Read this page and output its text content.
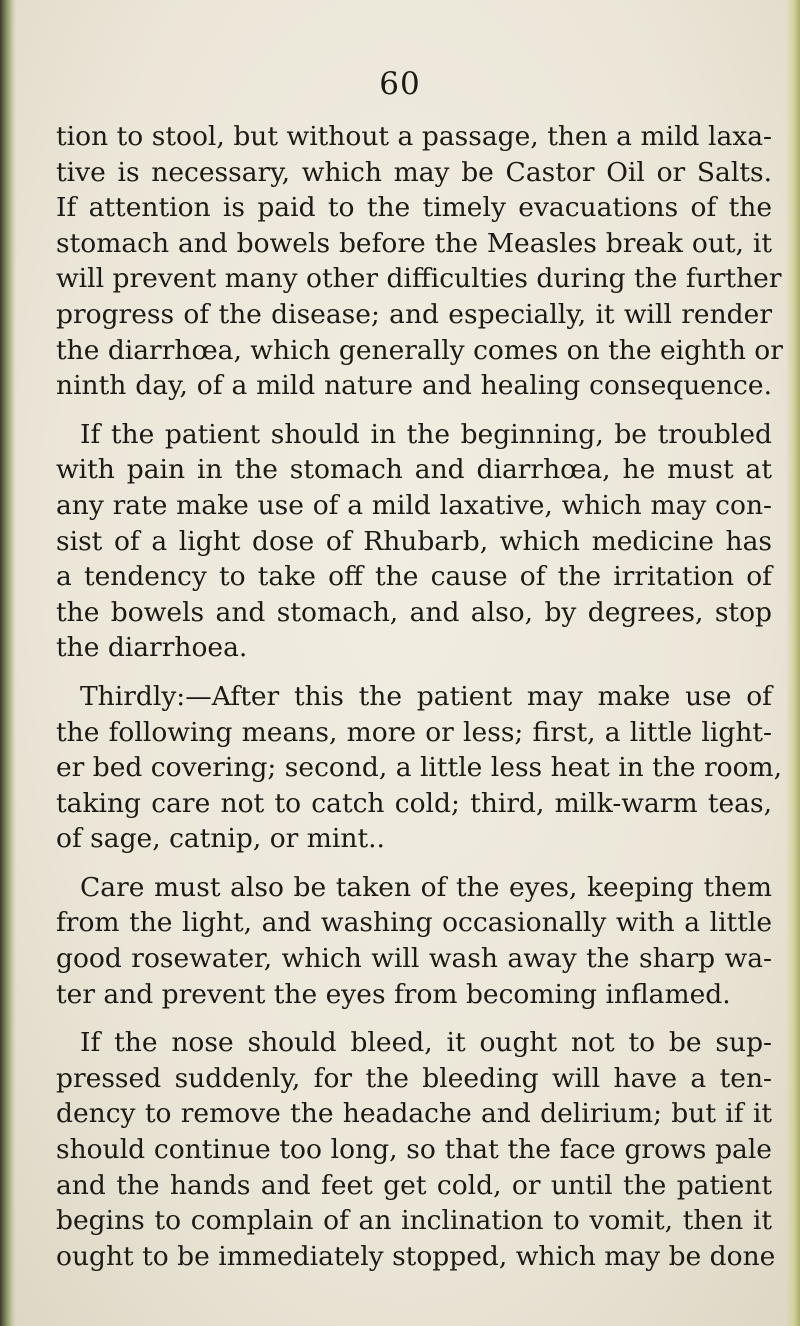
60
tion to stool, but without a passage, then a mild laxa-
tive is necessary, which may be Castor Oil or Salts.
If attention is paid to the timely evacuations of the
stomach and bowels before the Measles break out, it
will prevent many other difficulties during the further
progress of the disease; and especially, it will render
the diarrhœa, which generally comes on the eighth or
ninth day, of a mild nature and healing consequence.
If the patient should in the beginning, be troubled
with pain in the stomach and diarrhœa, he must at
any rate make use of a mild laxative, which may con-
sist of a light dose of Rhubarb, which medicine has
a tendency to take off the cause of the irritation of
the bowels and stomach, and also, by degrees, stop
the diarrhoea.
Thirdly:—After this the patient may make use of
the following means, more or less; first, a little light-
er bed covering; second, a little less heat in the room,
taking care not to catch cold; third, milk-warm teas,
of sage, catnip, or mint..
Care must also be taken of the eyes, keeping them
from the light, and washing occasionally with a little
good rosewater, which will wash away the sharp wa-
ter and prevent the eyes from becoming inflamed.
If the nose should bleed, it ought not to be sup-
pressed suddenly, for the bleeding will have a ten-
dency to remove the headache and delirium; but if it
should continue too long, so that the face grows pale
and the hands and feet get cold, or until the patient
begins to complain of an inclination to vomit, then it
ought to be immediately stopped, which may be done
